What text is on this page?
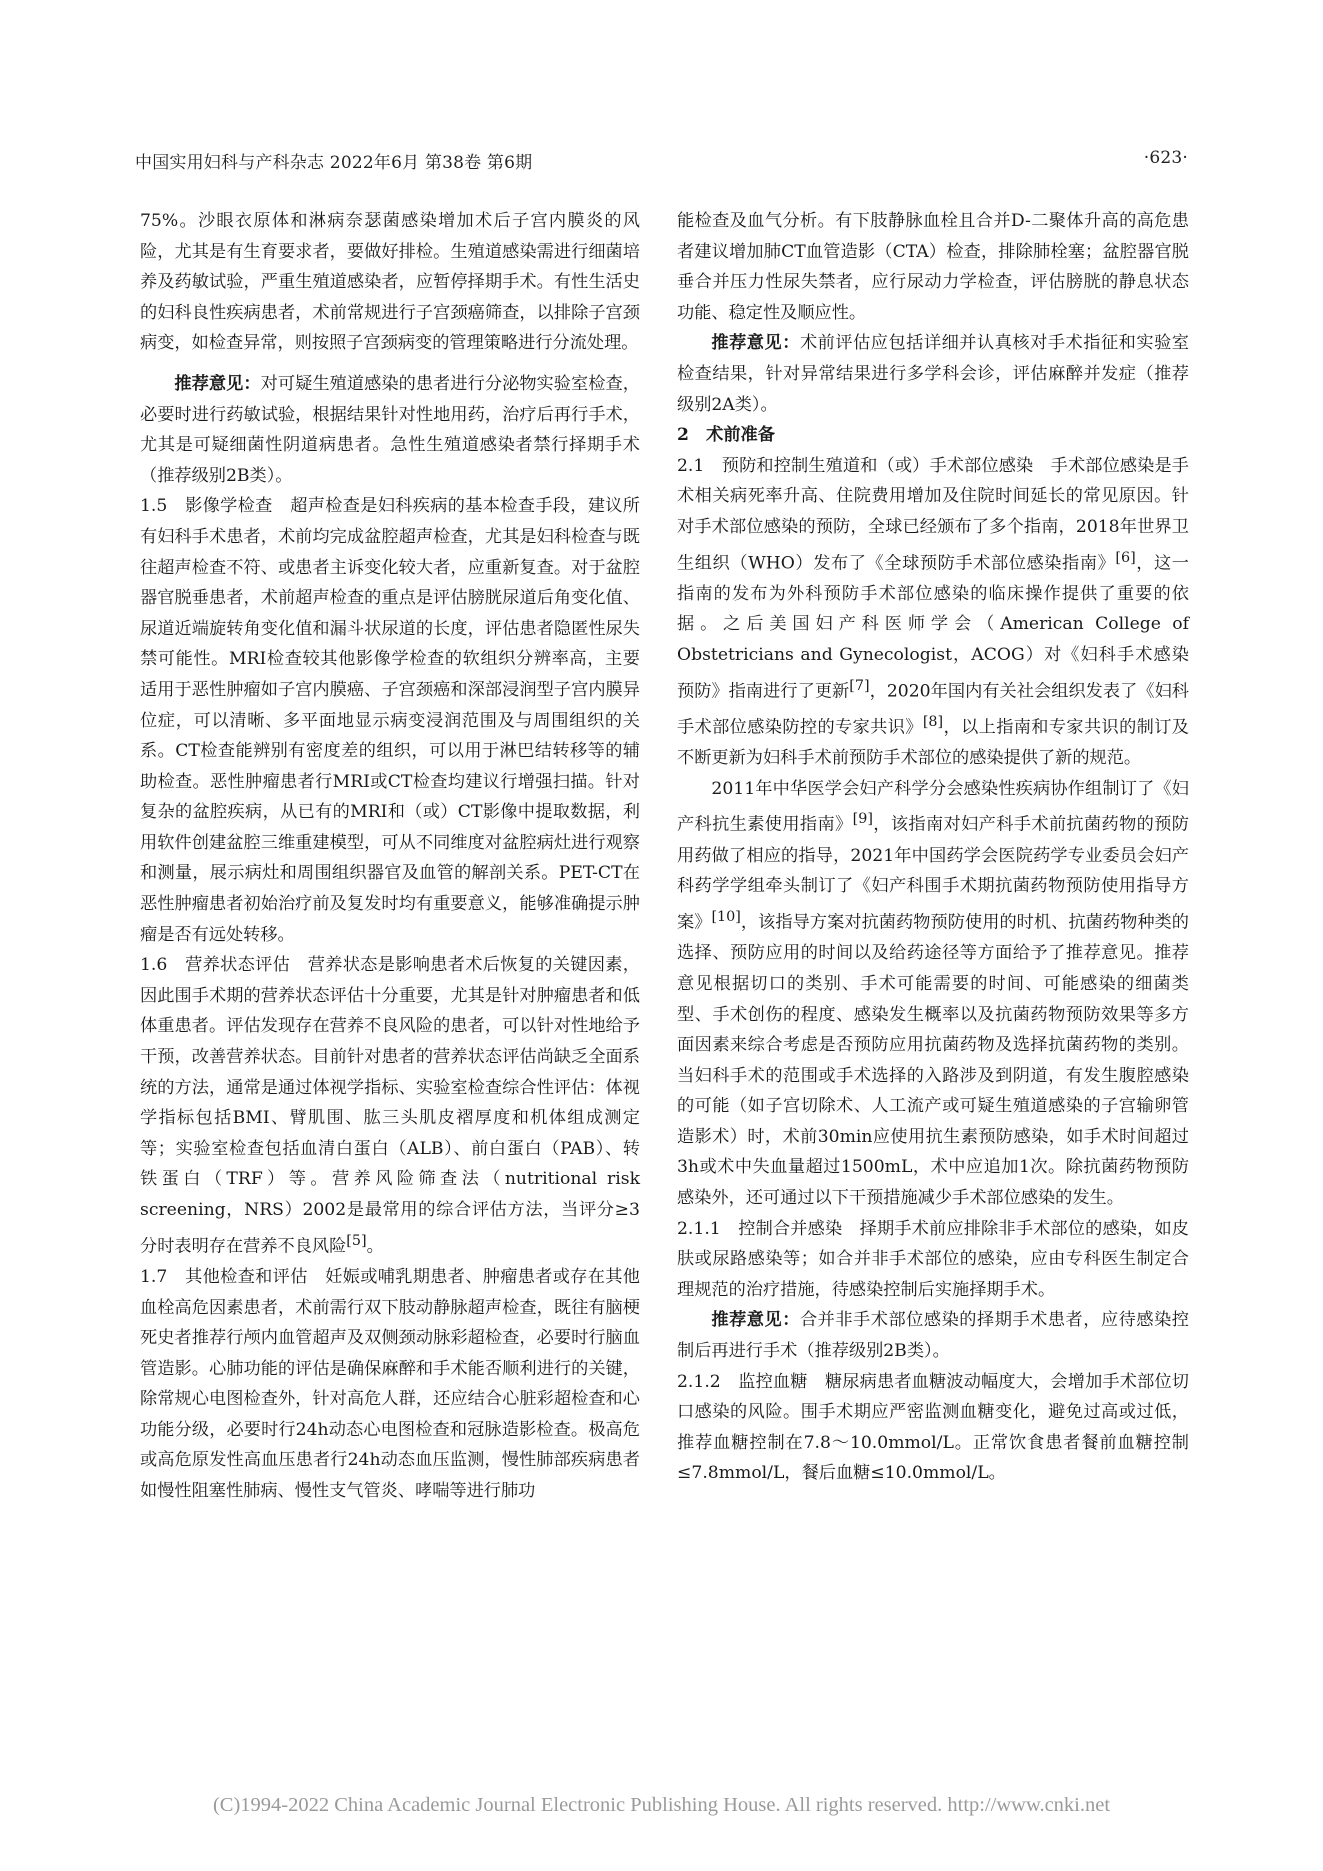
中国实用妇科与产科杂志 2022年6月 第38卷 第6期	·623·

75%。沙眼衣原体和淋病奈瑟菌感染增加术后子宫内膜炎的风险，尤其是有生育要求者，要做好排检。生殖道感染需进行细菌培养及药敏试验，严重生殖道感染者，应暂停择期手术。有性生活史的妇科良性疾病患者，术前常规进行子宫颈癌筛查，以排除子宫颈病变，如检查异常，则按照子宫颈病变的管理策略进行分流处理。

推荐意见：对可疑生殖道感染的患者进行分泌物实验室检查，必要时进行药敏试验，根据结果针对性地用药，治疗后再行手术，尤其是可疑细菌性阴道病患者。急性生殖道感染者禁行择期手术（推荐级别2B类）。

1.5　影像学检查　超声检查是妇科疾病的基本检查手段，建议所有妇科手术患者，术前均完成盆腔超声检查，尤其是妇科检查与既往超声检查不符、或患者主诉变化较大者，应重新复查。对于盆腔器官脱垂患者，术前超声检查的重点是评估膀胱尿道后角变化值、尿道近端旋转角变化值和漏斗状尿道的长度，评估患者隐匿性尿失禁可能性。MRI检查较其他影像学检查的软组织分辨率高，主要适用于恶性肿瘤如子宫内膜癌、子宫颈癌和深部浸润型子宫内膜异位症，可以清晰、多平面地显示病变浸润范围及与周围组织的关系。CT检查能辨别有密度差的组织，可以用于淋巴结转移等的辅助检查。恶性肿瘤患者行MRI或CT检查均建议行增强扫描。针对复杂的盆腔疾病，从已有的MRI和（或）CT影像中提取数据，利用软件创建盆腔三维重建模型，可从不同维度对盆腔病灶进行观察和测量，展示病灶和周围组织器官及血管的解剖关系。PET-CT在恶性肿瘤患者初始治疗前及复发时均有重要意义，能够准确提示肿瘤是否有远处转移。

1.6　营养状态评估　营养状态是影响患者术后恢复的关键因素，因此围手术期的营养状态评估十分重要，尤其是针对肿瘤患者和低体重患者。评估发现存在营养不良风险的患者，可以针对性地给予干预，改善营养状态。目前针对患者的营养状态评估尚缺乏全面系统的方法，通常是通过体视学指标、实验室检查综合性评估：体视学指标包括BMI、臂肌围、肱三头肌皮褶厚度和机体组成测定等；实验室检查包括血清白蛋白（ALB）、前白蛋白（PAB）、转铁蛋白（TRF）等。营养风险筛查法（nutritional risk screening，NRS）2002是最常用的综合评估方法，当评分≥3分时表明存在营养不良风险[5]。

1.7　其他检查和评估　妊娠或哺乳期患者、肿瘤患者或存在其他血栓高危因素患者，术前需行双下肢动静脉超声检查，既往有脑梗死史者推荐行颅内血管超声及双侧颈动脉彩超检查，必要时行脑血管造影。心肺功能的评估是确保麻醉和手术能否顺利进行的关键，除常规心电图检查外，针对高危人群，还应结合心脏彩超检查和心功能分级，必要时行24h动态心电图检查和冠脉造影检查。极高危或高危原发性高血压患者行24h动态血压监测，慢性肺部疾病患者如慢性阻塞性肺病、慢性支气管炎、哮喘等进行肺功

能检查及血气分析。有下肢静脉血栓且合并D-二聚体升高的高危患者建议增加肺CT血管造影（CTA）检查，排除肺栓塞；盆腔器官脱垂合并压力性尿失禁者，应行尿动力学检查，评估膀胱的静息状态功能、稳定性及顺应性。

推荐意见：术前评估应包括详细并认真核对手术指征和实验室检查结果，针对异常结果进行多学科会诊，评估麻醉并发症（推荐级别2A类）。

2　术前准备

2.1　预防和控制生殖道和（或）手术部位感染　手术部位感染是手术相关病死率升高、住院费用增加及住院时间延长的常见原因。针对手术部位感染的预防，全球已经颁布了多个指南，2018年世界卫生组织（WHO）发布了《全球预防手术部位感染指南》[6]，这一指南的发布为外科预防手术部位感染的临床操作提供了重要的依据。之后美国妇产科医师学会（American College of Obstetricians and Gynecologist，ACOG）对《妇科手术感染预防》指南进行了更新[7]，2020年国内有关社会组织发表了《妇科手术部位感染防控的专家共识》[8]，以上指南和专家共识的制订及不断更新为妇科手术前预防手术部位的感染提供了新的规范。

2011年中华医学会妇产科学分会感染性疾病协作组制订了《妇产科抗生素使用指南》[9]，该指南对妇产科手术前抗菌药物的预防用药做了相应的指导，2021年中国药学会医院药学专业委员会妇产科药学学组牵头制订了《妇产科围手术期抗菌药物预防使用指导方案》[10]，该指导方案对抗菌药物预防使用的时机、抗菌药物种类的选择、预防应用的时间以及给药途径等方面给予了推荐意见。推荐意见根据切口的类别、手术可能需要的时间、可能感染的细菌类型、手术创伤的程度、感染发生概率以及抗菌药物预防效果等多方面因素来综合考虑是否预防应用抗菌药物及选择抗菌药物的类别。当妇科手术的范围或手术选择的入路涉及到阴道，有发生腹腔感染的可能（如子宫切除术、人工流产或可疑生殖道感染的子宫输卵管造影术）时，术前30min应使用抗生素预防感染，如手术时间超过3h或术中失血量超过1500mL，术中应追加1次。除抗菌药物预防感染外，还可通过以下干预措施减少手术部位感染的发生。

2.1.1　控制合并感染　择期手术前应排除非手术部位的感染，如皮肤或尿路感染等；如合并非手术部位的感染，应由专科医生制定合理规范的治疗措施，待感染控制后实施择期手术。

推荐意见：合并非手术部位感染的择期手术患者，应待感染控制后再进行手术（推荐级别2B类）。

2.1.2　监控血糖　糖尿病患者血糖波动幅度大，会增加手术部位切口感染的风险。围手术期应严密监测血糖变化，避免过高或过低，推荐血糖控制在7.8～10.0mmol/L。正常饮食患者餐前血糖控制≤7.8mmol/L，餐后血糖≤10.0mmol/L。

(C)1994-2022 China Academic Journal Electronic Publishing House. All rights reserved. http://www.cnki.net
